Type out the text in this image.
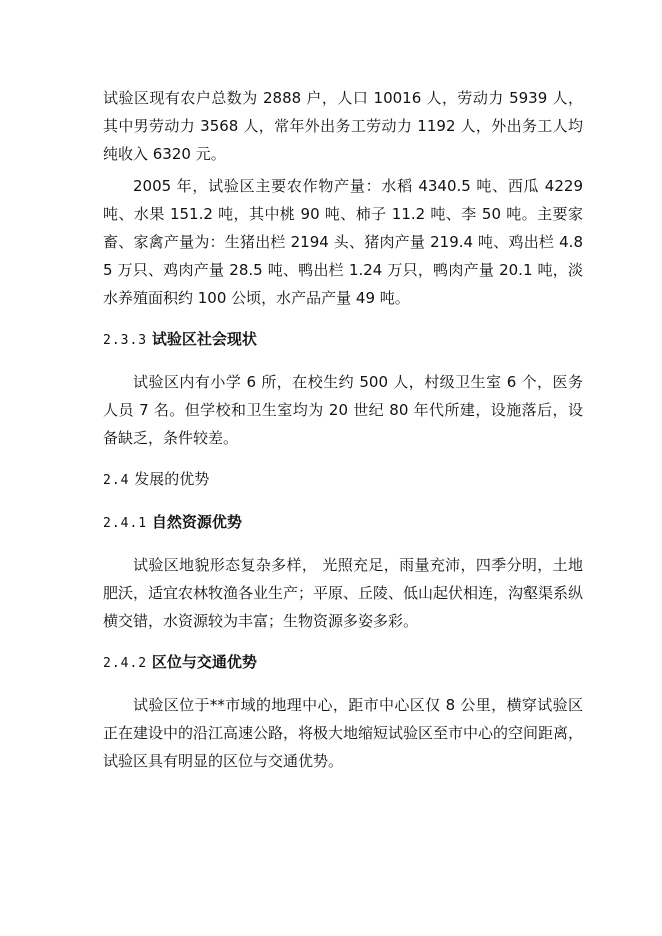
试验区现有农户总数为 2888 户，人口 10016 人，劳动力 5939 人，其中男劳动力 3568 人，常年外出务工劳动力 1192 人，外出务工人均纯收入 6320 元。

2005 年，试验区主要农作物产量：水稻 4340.5 吨、西瓜 4229 吨、水果 151.2 吨，其中桃 90 吨、柿子 11.2 吨、李 50 吨。主要家畜、家禽产量为：生猪出栏 2194 头、猪肉产量 219.4 吨、鸡出栏 4.85 万只、鸡肉产量 28.5 吨、鸭出栏 1.24 万只，鸭肉产量 20.1 吨，淡水养殖面积约 100 公顷，水产品产量 49 吨。

2.3.3 试验区社会现状

试验区内有小学 6 所，在校生约 500 人，村级卫生室 6 个，医务人员 7 名。但学校和卫生室均为 20 世纪 80 年代所建，设施落后，设备缺乏，条件较差。

2.4 发展的优势
2.4.1 自然资源优势

试验区地貌形态复杂多样， 光照充足，雨量充沛，四季分明，土地肥沃，适宜农林牧渔各业生产；平原、丘陵、低山起伏相连，沟壑渠系纵横交错，水资源较为丰富；生物资源多姿多彩。

2.4.2 区位与交通优势

试验区位于**市域的地理中心，距市中心区仅 8 公里，横穿试验区正在建设中的沿江高速公路，将极大地缩短试验区至市中心的空间距离，试验区具有明显的区位与交通优势。
